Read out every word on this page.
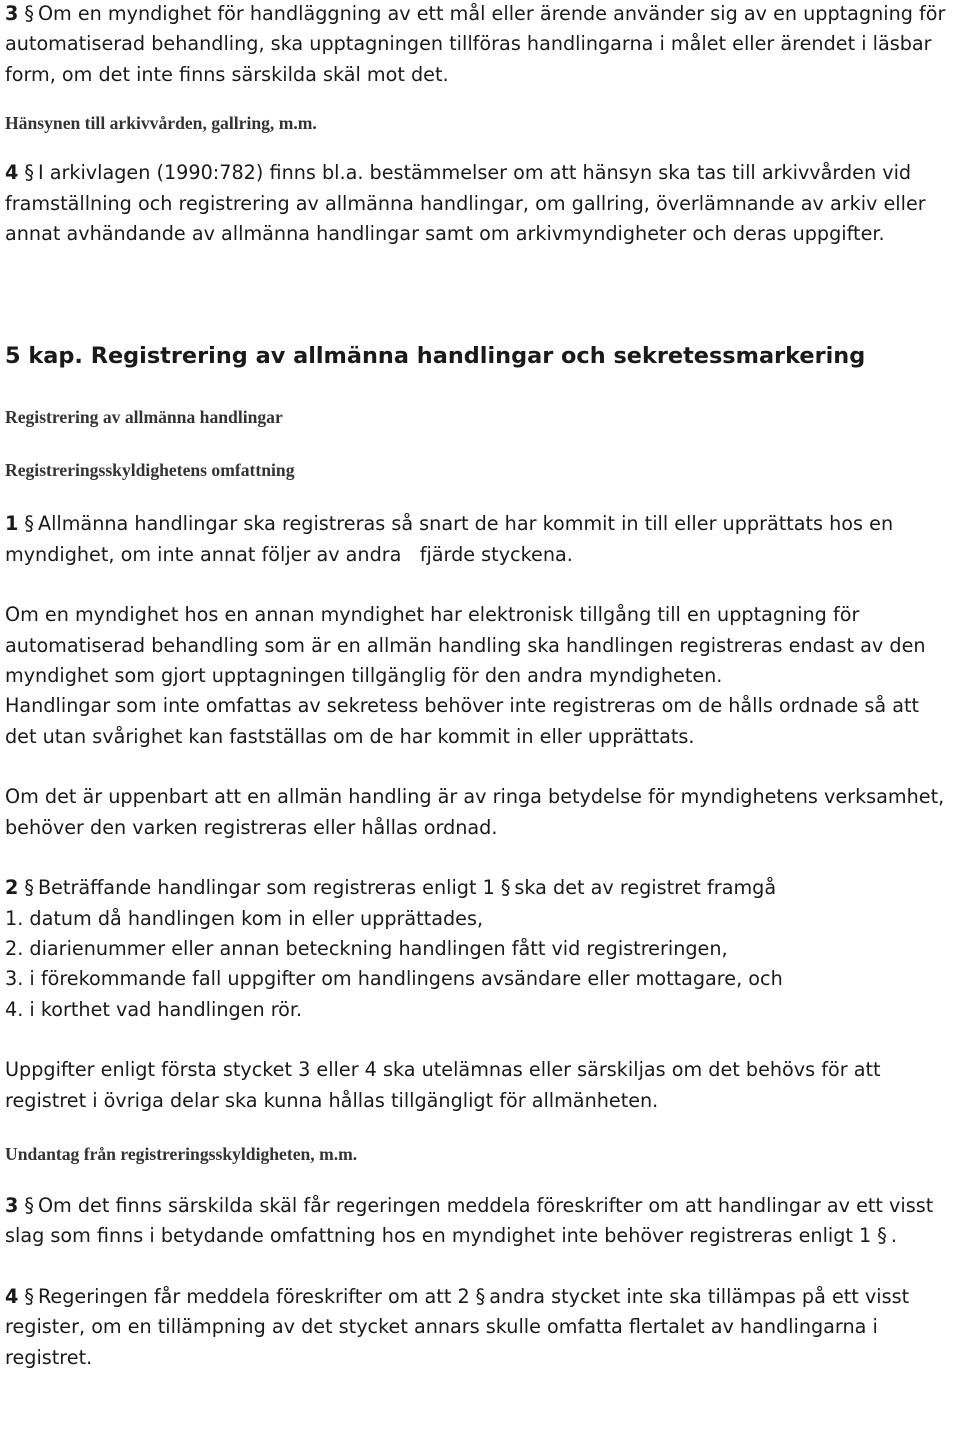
3 § Om en myndighet för handläggning av ett mål eller ärende använder sig av en upptagning för automatiserad behandling, ska upptagningen tillföras handlingarna i målet eller ärendet i läsbar form, om det inte finns särskilda skäl mot det.

Hänsynen till arkivvården, gallring, m.m.

4 § I arkivlagen (1990:782) finns bl.a. bestämmelser om att hänsyn ska tas till arkivvården vid framställning och registrering av allmänna handlingar, om gallring, överlämnande av arkiv eller annat avhändande av allmänna handlingar samt om arkivmyndigheter och deras uppgifter.

5 kap. Registrering av allmänna handlingar och sekretessmarkering

Registrering av allmänna handlingar

Registreringsskyldighetens omfattning

1 § Allmänna handlingar ska registreras så snart de har kommit in till eller upprättats hos en myndighet, om inte annat följer av andra   fjärde styckena.

Om en myndighet hos en annan myndighet har elektronisk tillgång till en upptagning för automatiserad behandling som är en allmän handling ska handlingen registreras endast av den myndighet som gjort upptagningen tillgänglig för den andra myndigheten.

Handlingar som inte omfattas av sekretess behöver inte registreras om de hålls ordnade så att det utan svårighet kan fastställas om de har kommit in eller upprättats.

Om det är uppenbart att en allmän handling är av ringa betydelse för myndighetens verksamhet, behöver den varken registreras eller hållas ordnad.

2 § Beträffande handlingar som registreras enligt 1 § ska det av registret framgå

1. datum då handlingen kom in eller upprättades,

2. diarienummer eller annan beteckning handlingen fått vid registreringen,

3. i förekommande fall uppgifter om handlingens avsändare eller mottagare, och

4. i korthet vad handlingen rör.

Uppgifter enligt första stycket 3 eller 4 ska utelämnas eller särskiljas om det behövs för att registret i övriga delar ska kunna hållas tillgängligt för allmänheten.

Undantag från registreringsskyldigheten, m.m.

3 § Om det finns särskilda skäl får regeringen meddela föreskrifter om att handlingar av ett visst slag som finns i betydande omfattning hos en myndighet inte behöver registreras enligt 1 § .

4 § Regeringen får meddela föreskrifter om att 2 § andra stycket inte ska tillämpas på ett visst register, om en tillämpning av det stycket annars skulle omfatta flertalet av handlingarna i registret.
